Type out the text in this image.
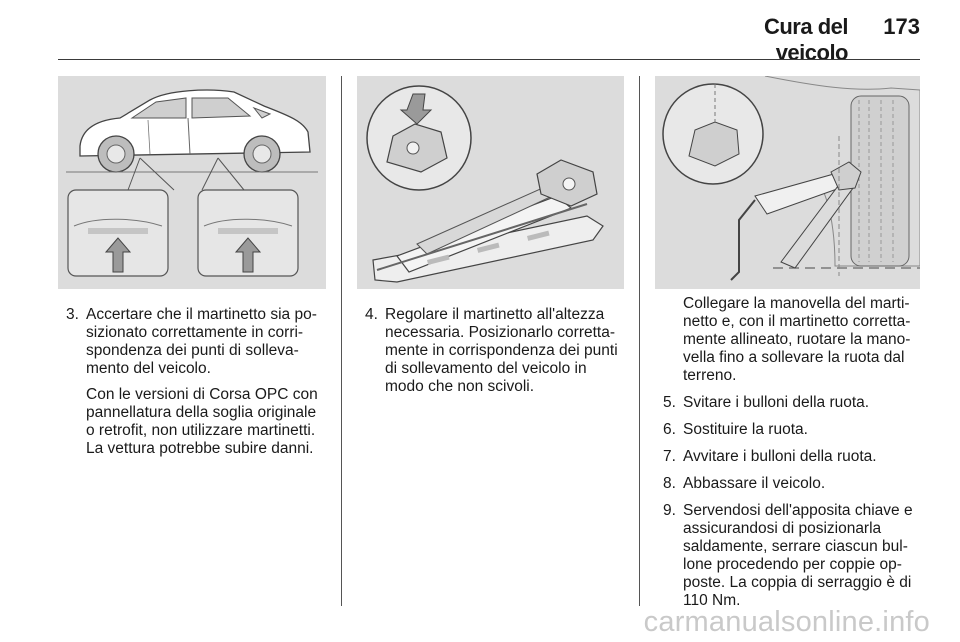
Cura del veicolo
173
3. Accertare che il martinetto sia po-sizionato correttamente in corri-spondenza dei punti di solleva-mento del veicolo.

Con le versioni di Corsa OPC con pannellatura della soglia originale o retrofit, non utilizzare martinetti. La vettura potrebbe subire danni.

4. Regolare il martinetto all'altezza necessaria. Posizionarlo corretta-mente in corrispondenza dei punti di sollevamento del veicolo in modo che non scivoli.

Collegare la manovella del marti-netto e, con il martinetto corretta-mente allineato, ruotare la mano-vella fino a sollevare la ruota dal terreno.

5. Svitare i bulloni della ruota.
6. Sostituire la ruota.
7. Avvitare i bulloni della ruota.
8. Abbassare il veicolo.
9. Servendosi dell'apposita chiave e assicurandosi di posizionarla saldamente, serrare ciascun bul-lone procedendo per coppie op-poste. La coppia di serraggio è di 110 Nm.
carmanualsonline.info
